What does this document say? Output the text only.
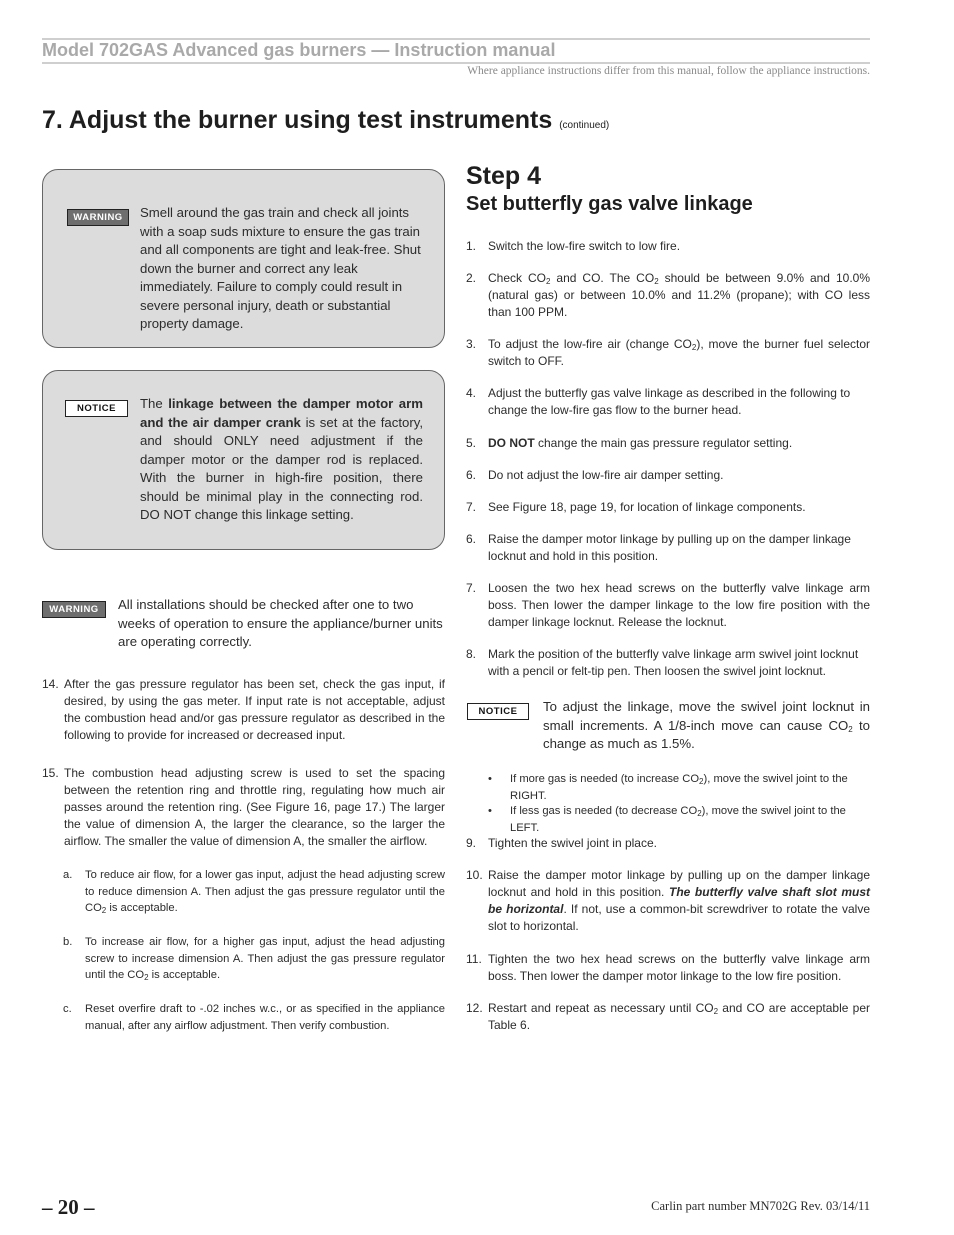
Model 702GAS Advanced gas burners — Instruction manual
Where appliance instructions differ from this manual, follow the appliance instructions.
7. Adjust the burner using test instruments (continued)
WARNING	Smell around the gas train and check all joints with a soap suds mixture to ensure the gas train and all components are tight and leak-free. Shut down the burner and correct any leak immediately. Failure to comply could result in severe personal injury, death or substantial property damage.
NOTICE	The linkage between the damper motor arm and the air damper crank is set at the factory, and should ONLY need adjustment if the damper motor or the damper rod is replaced. With the burner in high-fire position, there should be minimal play in the connecting rod. DO NOT change this linkage setting.
WARNING	All installations should be checked after one to two weeks of operation to ensure the appliance/burner units are operating correctly.
14. After the gas pressure regulator has been set, check the gas input, if desired, by using the gas meter. If input rate is not acceptable, adjust the combustion head and/or gas pressure regulator as described in the following to provide for increased or decreased input.
15. The combustion head adjusting screw is used to set the spacing between the retention ring and throttle ring, regulating how much air passes around the retention ring. (See Figure 16, page 17.) The larger the value of dimension A, the larger the clearance, so the larger the airflow. The smaller the value of dimension A, the smaller the airflow.
a. To reduce air flow, for a lower gas input, adjust the head adjusting screw to reduce dimension A. Then adjust the gas pressure regulator until the $CO_2$ is acceptable.
b. To increase air flow, for a higher gas input, adjust the head adjusting screw to increase dimension A. Then adjust the gas pressure regulator until the $CO_2$ is acceptable.
c. Reset overfire draft to -.02 inches w.c., or as specified in the appliance manual, after any airflow adjustment. Then verify combustion.
Step 4
Set butterfly gas valve linkage
1. Switch the low-fire switch to low fire.
2. Check $CO_2$ and CO. The $CO_2$ should be between 9.0% and 10.0% (natural gas) or between 10.0% and 11.2% (propane); with CO less than 100 PPM.
3. To adjust the low-fire air (change $CO_2$), move the burner fuel selector switch to OFF.
4. Adjust the butterfly gas valve linkage as described in the following to change the low-fire gas flow to the burner head.
5. DO NOT change the main gas pressure regulator setting.
6. Do not adjust the low-fire air damper setting.
7. See Figure 18, page 19, for location of linkage components.
6. Raise the damper motor linkage by pulling up on the damper linkage locknut and hold in this position.
7. Loosen the two hex head screws on the butterfly valve linkage arm boss. Then lower the damper linkage to the low fire position with the damper linkage locknut. Release the locknut.
8. Mark the position of the butterfly valve linkage arm swivel joint locknut with a pencil or felt-tip pen. Then loosen the swivel joint locknut.
NOTICE	To adjust the linkage, move the swivel joint locknut in small increments. A 1/8-inch move can cause $CO_2$ to change as much as 1.5%.
• If more gas is needed (to increase $CO_2$), move the swivel joint to the RIGHT.
• If less gas is needed (to decrease $CO_2$), move the swivel joint to the LEFT.
9. Tighten the swivel joint in place.
10. Raise the damper motor linkage by pulling up on the damper linkage locknut and hold in this position. The butterfly valve shaft slot must be horizontal. If not, use a common-bit screwdriver to rotate the valve slot to horizontal.
11. Tighten the two hex head screws on the butterfly valve linkage arm boss. Then lower the damper motor linkage to the low fire position.
12. Restart and repeat as necessary until $CO_2$ and CO are acceptable per Table 6.
– 20 –	Carlin part number MN702G Rev. 03/14/11
